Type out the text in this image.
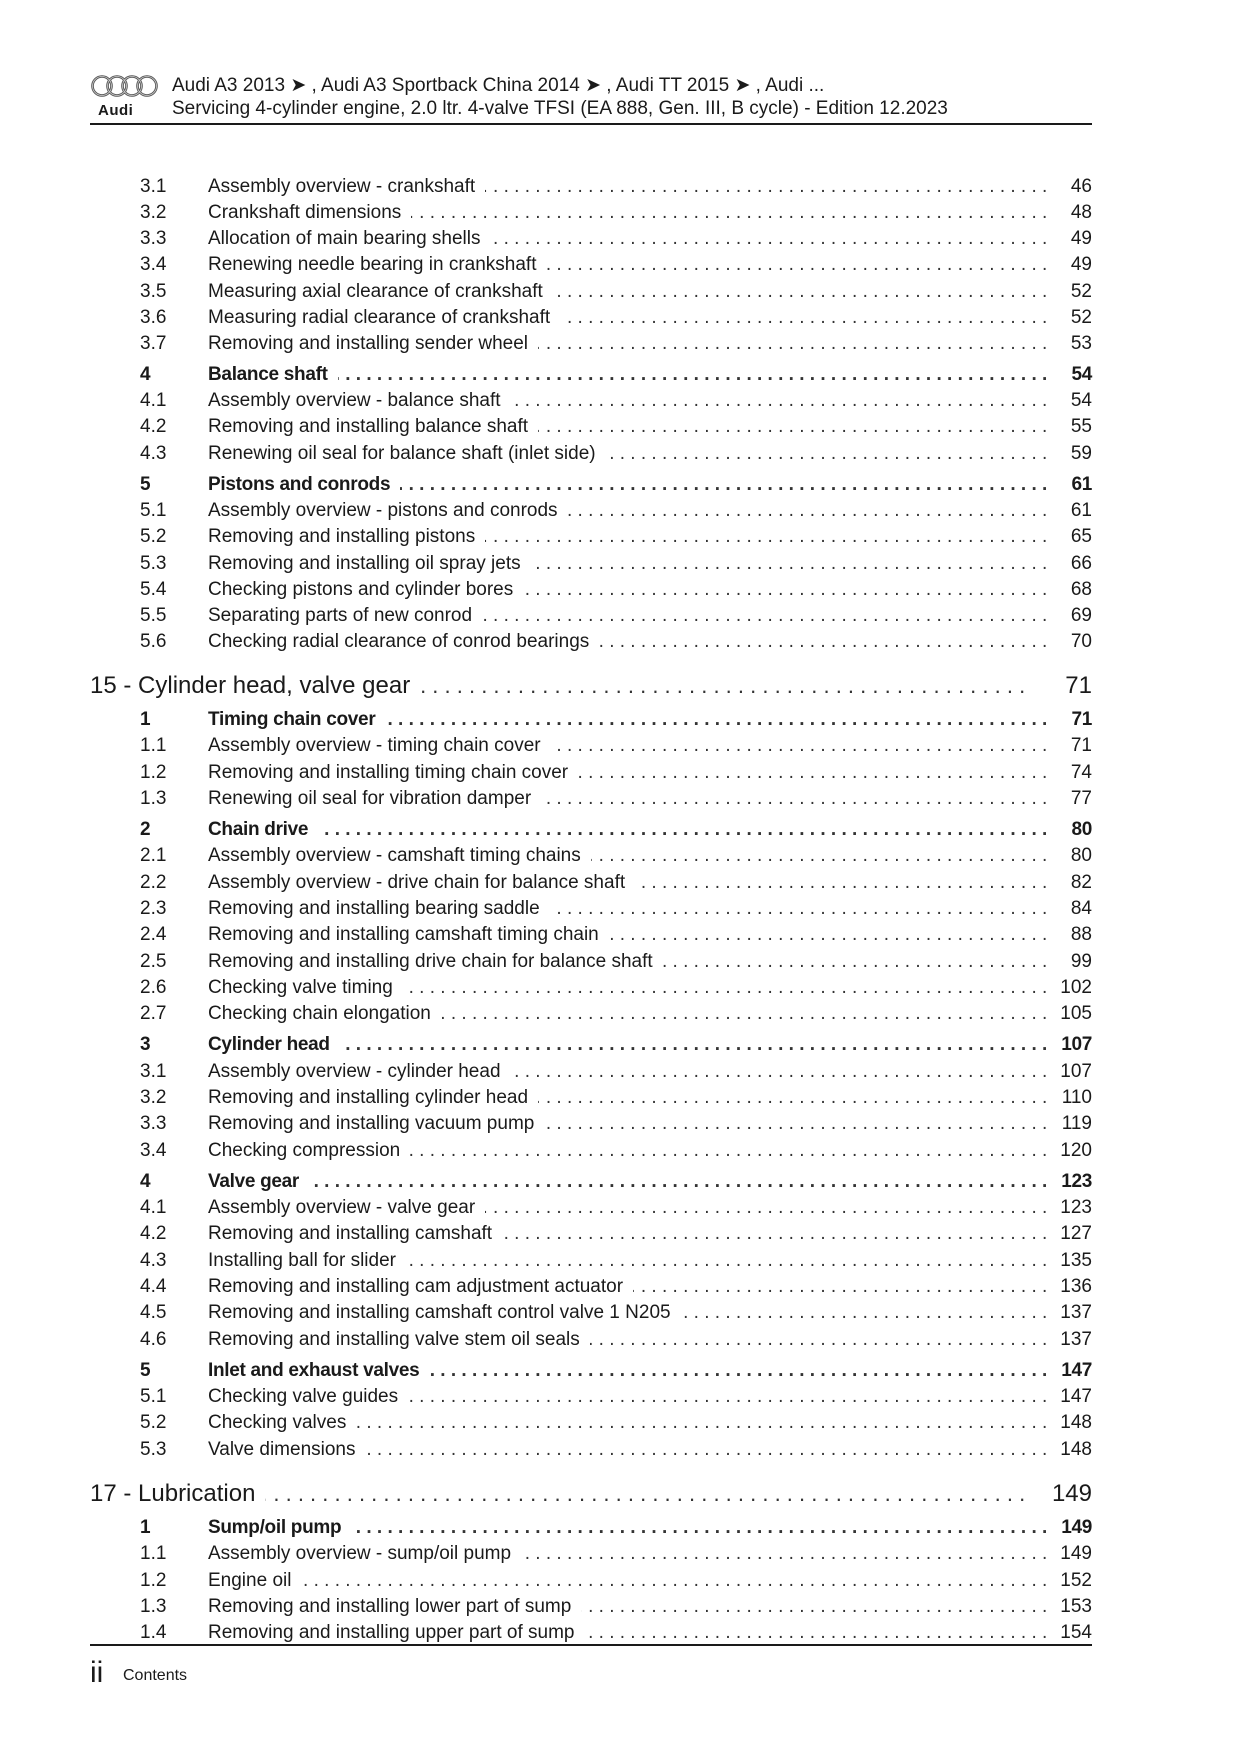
Audi
Audi A3 2013 ➤ , Audi A3 Sportback China 2014 ➤ , Audi TT 2015 ➤ , Audi ...
Servicing 4-cylinder engine, 2.0 ltr. 4-valve TFSI (EA 888, Gen. III, B cycle) - Edition 12.2023
3.1 . . . Assembly overview - crankshaft	46
3.2 . . . Crankshaft dimensions	48
3.3 . . . Allocation of main bearing shells	49
3.4 . . . Renewing needle bearing in crankshaft	49
3.5 . . . Measuring axial clearance of crankshaft	52
3.6 . . . Measuring radial clearance of crankshaft	52
3.7 . . . Removing and installing sender wheel	53
4 . . .	Balance shaft	54
4.1 . . . Assembly overview - balance shaft	54
4.2 . . . Removing and installing balance shaft	55
4.3 . . . Renewing oil seal for balance shaft (inlet side)	59
5 . . .	Pistons and conrods	61
5.1 . . . Assembly overview - pistons and conrods	61
5.2 . . . Removing and installing pistons	65
5.3 . . . Removing and installing oil spray jets	66
5.4 . . . Checking pistons and cylinder bores	68
5.5 . . . Separating parts of new conrod	69
5.6 . . . Checking radial clearance of conrod bearings	70
. . .
15 - Cylinder head, valve gear	71
1 . . .	Timing chain cover	71
1.1 . . . Assembly overview - timing chain cover	71
1.2 . . . Removing and installing timing chain cover	74
1.3 . . . Renewing oil seal for vibration damper	77
2 . . .	Chain drive	80
2.1 . . . Assembly overview - camshaft timing chains	80
2.2 . . . Assembly overview - drive chain for balance shaft	82
2.3 . . . Removing and installing bearing saddle	84
2.4 . . . Removing and installing camshaft timing chain	88
2.5 . . . Removing and installing drive chain for balance shaft	99
2.6 . . . Checking valve timing	102
2.7 . . . Checking chain elongation	105
3 . . .	Cylinder head	107
3.1 . . . Assembly overview - cylinder head	107
3.2 . . . Removing and installing cylinder head	110
3.3 . . . Removing and installing vacuum pump	119
3.4 . . . Checking compression	120
4 . . .	Valve gear	123
4.1 . . . Assembly overview - valve gear	123
4.2 . . . Removing and installing camshaft	127
4.3 . . . Installing ball for slider	135
4.4 . . . Removing and installing cam adjustment actuator	136
4.5 . . . Removing and installing camshaft control valve 1 N205	137
4.6 . . . Removing and installing valve stem oil seals	137
5 . . .	Inlet and exhaust valves	147
5.1 . . . Checking valve guides	147
5.2 . . . Checking valves	148
5.3 . . . Valve dimensions	148
. . .
17 - Lubrication	149
1 . . .	Sump/oil pump	149
1.1 . . . Assembly overview - sump/oil pump	149
1.2 . . . Engine oil	152
1.3 . . . Removing and installing lower part of sump	153
1.4 . . . Removing and installing upper part of sump	154
ii Contents
